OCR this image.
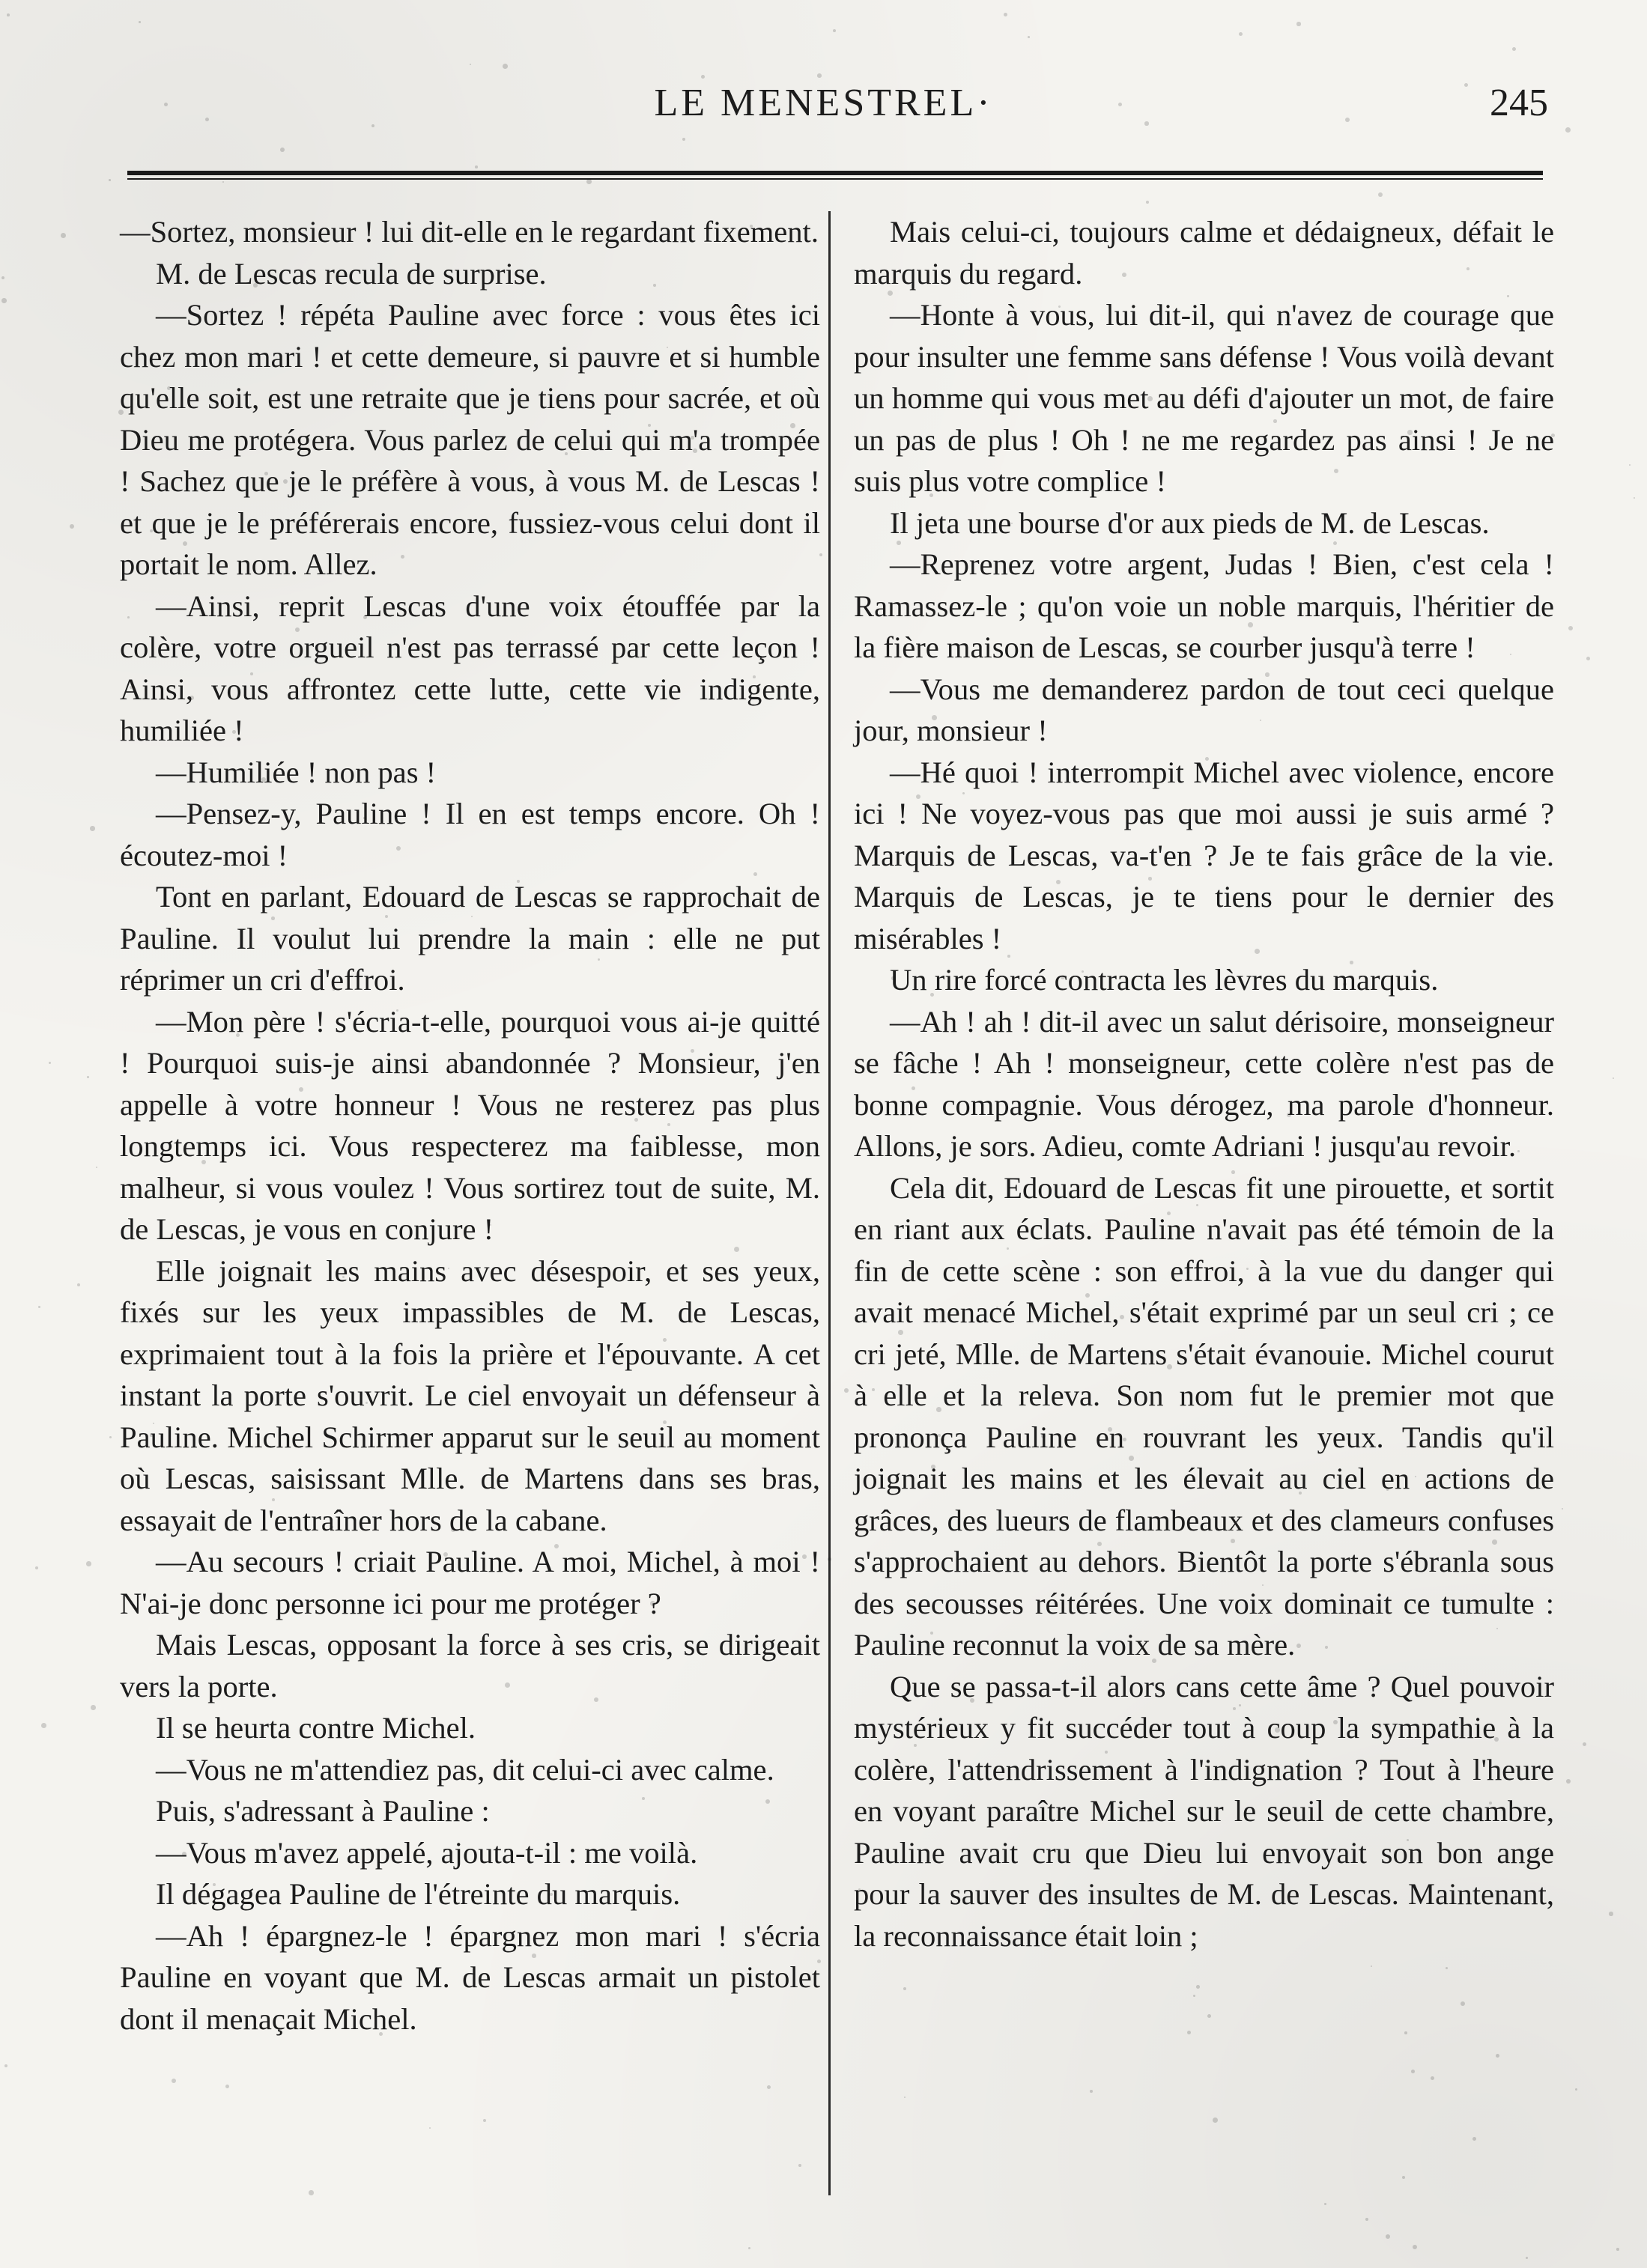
LE MENESTREL·	245

—Sortez, monsieur ! lui dit-elle en le regardant fixement.

M. de Lescas recula de surprise.

—Sortez ! répéta Pauline avec force : vous êtes ici chez mon mari ! et cette demeure, si pauvre et si humble qu'elle soit, est une retraite que je tiens pour sacrée, et où Dieu me protégera. Vous parlez de celui qui m'a trompée ! Sachez que je le préfère à vous, à vous M. de Lescas ! et que je le préférerais encore, fussiez-vous celui dont il portait le nom. Allez.

—Ainsi, reprit Lescas d'une voix étouffée par la colère, votre orgueil n'est pas terrassé par cette leçon ! Ainsi, vous affrontez cette lutte, cette vie indigente, humiliée !

—Humiliée ! non pas !

—Pensez-y, Pauline ! Il en est temps encore. Oh ! écoutez-moi !

Tont en parlant, Edouard de Lescas se rapprochait de Pauline. Il voulut lui prendre la main : elle ne put réprimer un cri d'effroi.

—Mon père ! s'écria-t-elle, pourquoi vous ai-je quitté ! Pourquoi suis-je ainsi abandonnée ? Monsieur, j'en appelle à votre honneur ! Vous ne resterez pas plus longtemps ici. Vous respecterez ma faiblesse, mon malheur, si vous voulez ! Vous sortirez tout de suite, M. de Lescas, je vous en conjure !

Elle joignait les mains avec désespoir, et ses yeux, fixés sur les yeux impassibles de M. de Lescas, exprimaient tout à la fois la prière et l'épouvante. A cet instant la porte s'ouvrit. Le ciel envoyait un défenseur à Pauline. Michel Schirmer apparut sur le seuil au moment où Lescas, saisissant Mlle. de Martens dans ses bras, essayait de l'entraîner hors de la cabane.

—Au secours ! criait Pauline. A moi, Michel, à moi ! N'ai-je donc personne ici pour me protéger ?

Mais Lescas, opposant la force à ses cris, se dirigeait vers la porte.

Il se heurta contre Michel.

—Vous ne m'attendiez pas, dit celui-ci avec calme.

Puis, s'adressant à Pauline :

—Vous m'avez appelé, ajouta-t-il : me voilà.

Il dégagea Pauline de l'étreinte du marquis.

—Ah ! épargnez-le ! épargnez mon mari ! s'écria Pauline en voyant que M. de Lescas armait un pistolet dont il menaçait Michel.

Mais celui-ci, toujours calme et dédaigneux, défait le marquis du regard.

—Honte à vous, lui dit-il, qui n'avez de courage que pour insulter une femme sans défense ! Vous voilà devant un homme qui vous met au défi d'ajouter un mot, de faire un pas de plus ! Oh ! ne me regardez pas ainsi ! Je ne suis plus votre complice !

Il jeta une bourse d'or aux pieds de M. de Lescas.

—Reprenez votre argent, Judas ! Bien, c'est cela ! Ramassez-le ; qu'on voie un noble marquis, l'héritier de la fière maison de Lescas, se courber jusqu'à terre !

—Vous me demanderez pardon de tout ceci quelque jour, monsieur !

—Hé quoi ! interrompit Michel avec violence, encore ici ! Ne voyez-vous pas que moi aussi je suis armé ? Marquis de Lescas, va-t'en ? Je te fais grâce de la vie. Marquis de Lescas, je te tiens pour le dernier des misérables !

Un rire forcé contracta les lèvres du marquis.

—Ah ! ah ! dit-il avec un salut dérisoire, monseigneur se fâche ! Ah ! monseigneur, cette colère n'est pas de bonne compagnie. Vous dérogez, ma parole d'honneur. Allons, je sors. Adieu, comte Adriani ! jusqu'au revoir.

Cela dit, Edouard de Lescas fit une pirouette, et sortit en riant aux éclats. Pauline n'avait pas été témoin de la fin de cette scène : son effroi, à la vue du danger qui avait menacé Michel, s'était exprimé par un seul cri ; ce cri jeté, Mlle. de Martens s'était évanouie. Michel courut à elle et la releva. Son nom fut le premier mot que prononça Pauline en rouvrant les yeux. Tandis qu'il joignait les mains et les élevait au ciel en actions de grâces, des lueurs de flambeaux et des clameurs confuses s'approchaient au dehors. Bientôt la porte s'ébranla sous des secousses réitérées. Une voix dominait ce tumulte : Pauline reconnut la voix de sa mère.

Que se passa-t-il alors cans cette âme ? Quel pouvoir mystérieux y fit succéder tout à coup la sympathie à la colère, l'attendrissement à l'indignation ? Tout à l'heure en voyant paraître Michel sur le seuil de cette chambre, Pauline avait cru que Dieu lui envoyait son bon ange pour la sauver des insultes de M. de Lescas. Maintenant, la reconnaissance était loin ;
